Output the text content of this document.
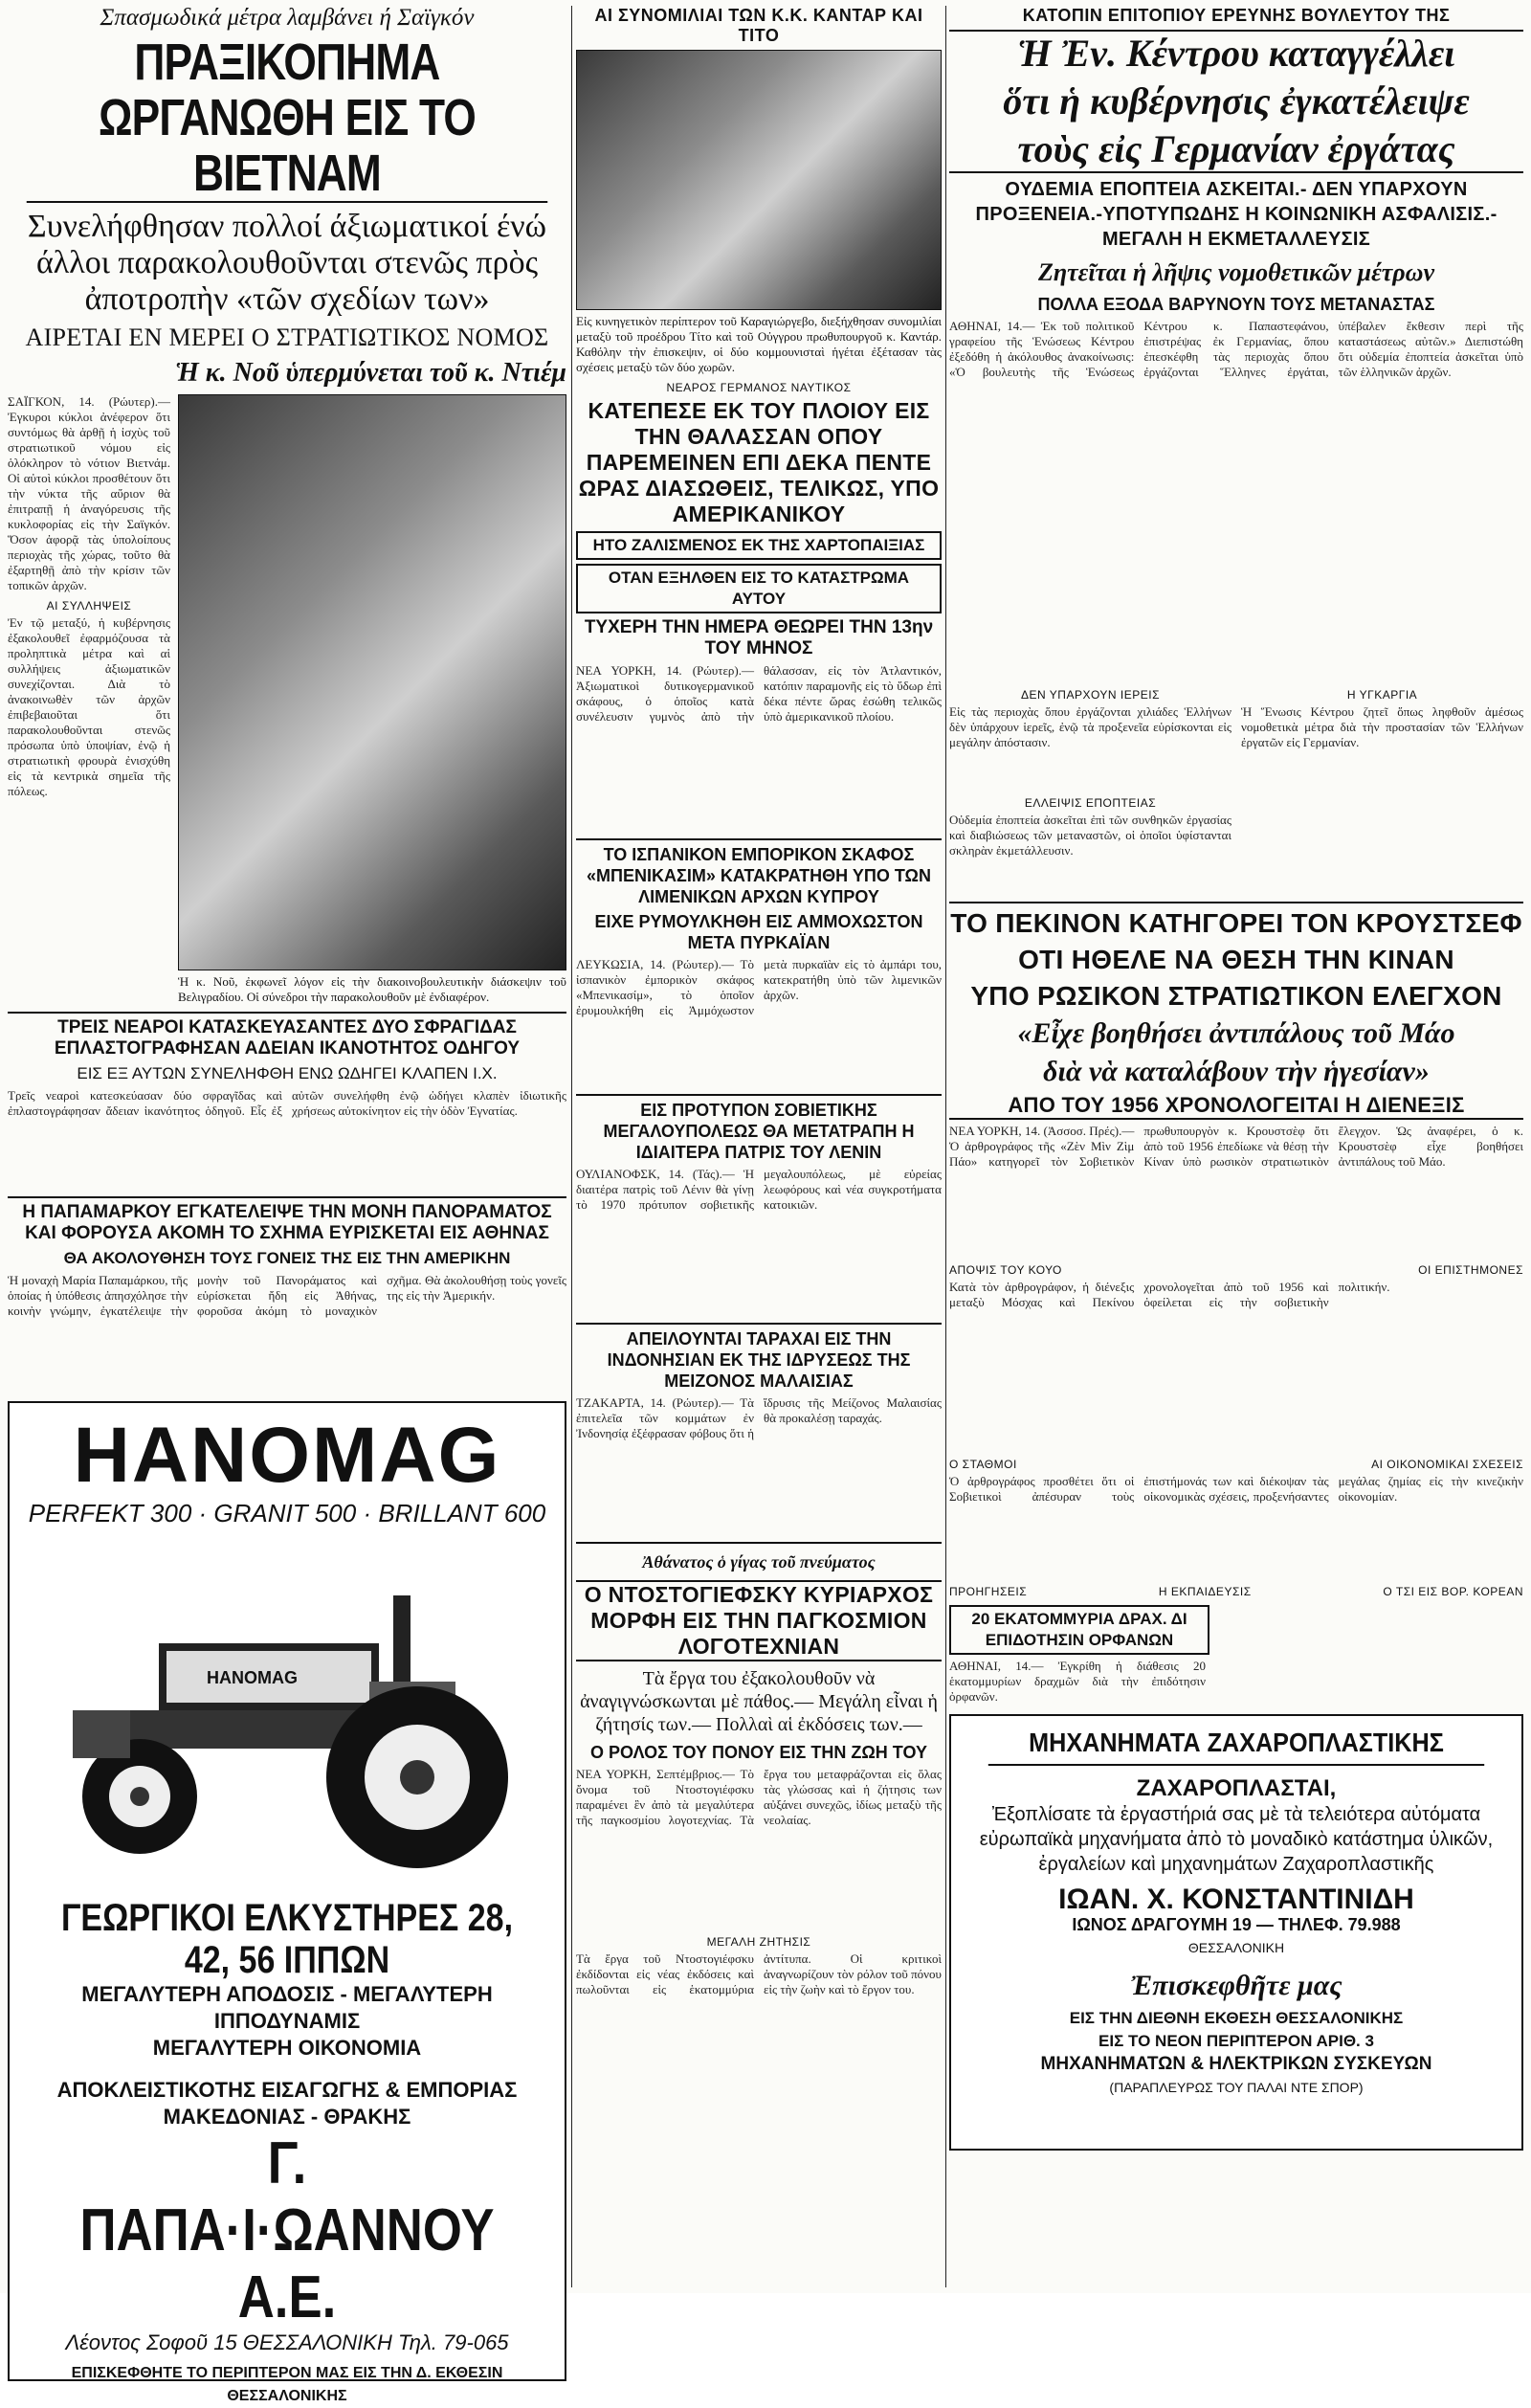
Σπασμωδικά μέτρα λαμβάνει ή Σαϊγκόν
ΠΡΑΞΙΚΟΠΗΜΑ ΩΡΓΑΝΩΘΗ ΕΙΣ ΤΟ ΒΙΕΤΝΑΜ
Συνελήφθησαν πολλοί άξιωματικοί ένώ άλλοι παρακολουθοῦνται στενῶς πρὸς ἀποτροπὴν «τῶν σχεδίων των»
ΑΙΡΕΤΑΙ ΕΝ ΜΕΡΕΙ Ο ΣΤΡΑΤΙΩΤΙΚΟΣ ΝΟΜΟΣ
Ἡ κ. Νοῦ ὑπερμύνεται τοῦ κ. Ντιέμ
ΣΑΪΓΚΟΝ, 14. (Ρώυτερ).— Ἐγκυροι κύκλοι ἀνέφερον ὅτι συντόμως θὰ ἀρθῇ ἡ ἰσχὺς τοῦ στρατιωτικοῦ νόμου εἰς ὁλόκληρον τὸ νότιον Βιετνάμ. Οἱ αὐτοὶ κύκλοι προσθέτουν ὅτι τὴν νύκτα τῆς αὔριον θὰ ἐπιτραπῇ ἡ ἀναγόρευσις τῆς κυκλοφορίας εἰς τὴν Σαϊγκόν. Ὅσον ἀφορᾷ τὰς ὑπολοίπους περιοχὰς τῆς χώρας, τοῦτο θὰ ἐξαρτηθῇ ἀπὸ τὴν κρίσιν τῶν τοπικῶν ἀρχῶν.
ΑΙ ΣΥΛΛΗΨΕΙΣ
Ἐν τῷ μεταξύ, ἡ κυβέρνησις ἐξακολουθεῖ ἐφαρμόζουσα τὰ προληπτικὰ μέτρα καὶ αἱ συλλήψεις ἀξιωματικῶν συνεχίζονται. Διὰ τὸ ἀνακοινωθὲν τῶν ἀρχῶν ἐπιβεβαιοῦται ὅτι παρακολουθοῦνται στενῶς πρόσωπα ὑπὸ ὑποψίαν, ἐνῷ ἡ στρατιωτικὴ φρουρὰ ἐνισχύθη εἰς τὰ κεντρικὰ σημεῖα τῆς πόλεως.
Ἡ κ. Νοῦ, ἐκφωνεῖ λόγον εἰς τὴν διακοινοβουλευτικὴν διάσκεψιν τοῦ Βελιγραδίου. Οἱ σύνεδροι τὴν παρακολουθοῦν μὲ ἐνδιαφέρον.
ΤΡΕΙΣ ΝΕΑΡΟΙ ΚΑΤΑΣΚΕΥΑΣΑΝΤΕΣ ΔΥΟ ΣΦΡΑΓΙΔΑΣ ΕΠΛΑΣΤΟΓΡΑΦΗΣΑΝ ΑΔΕΙΑΝ ΙΚΑΝΟΤΗΤΟΣ ΟΔΗΓΟΥ
ΕΙΣ ΕΞ ΑΥΤΩΝ ΣΥΝΕΛΗΦΘΗ ΕΝΩ ΩΔΗΓΕΙ ΚΛΑΠΕΝ Ι.Χ.
Τρεῖς νεαροὶ κατεσκεύασαν δύο σφραγῖδας καὶ ἐπλαστογράφησαν ἄδειαν ἱκανότητος ὁδηγοῦ. Εἷς ἐξ αὐτῶν συνελήφθη ἐνῷ ὡδήγει κλαπὲν ἰδιωτικῆς χρήσεως αὐτοκίνητον εἰς τὴν ὁδὸν Ἐγνατίας.
Η ΠΑΠΑΜΑΡΚΟΥ ΕΓΚΑΤΕΛΕΙΨΕ ΤΗΝ ΜΟΝΗ ΠΑΝΟΡΑΜΑΤΟΣ ΚΑΙ ΦΟΡΟΥΣΑ ΑΚΟΜΗ ΤΟ ΣΧΗΜΑ ΕΥΡΙΣΚΕΤΑΙ ΕΙΣ ΑΘΗΝΑΣ
ΘΑ ΑΚΟΛΟΥΘΗΣΗ ΤΟΥΣ ΓΟΝΕΙΣ ΤΗΣ ΕΙΣ ΤΗΝ ΑΜΕΡΙΚΗΝ
Ἡ μοναχὴ Μαρία Παπαμάρκου, τῆς ὁποίας ἡ ὑπόθεσις ἀπησχόλησε τὴν κοινὴν γνώμην, ἐγκατέλειψε τὴν μονὴν τοῦ Πανοράματος καὶ εὑρίσκεται ἤδη εἰς Ἀθήνας, φοροῦσα ἀκόμη τὸ μοναχικὸν σχῆμα. Θὰ ἀκολουθήσῃ τοὺς γονεῖς της εἰς τὴν Ἀμερικήν.
HANOMAG
PERFEKT 300 · GRANIT 500 · BRILLANT 600
HANOMAG
ΓΕΩΡΓΙΚΟΙ ΕΛΚΥΣΤΗΡΕΣ 28, 42, 56 ΙΠΠΩΝ
ΜΕΓΑΛΥΤΕΡΗ ΑΠΟΔΟΣΙΣ - ΜΕΓΑΛΥΤΕΡΗ ΙΠΠΟΔΥΝΑΜΙΣ
ΜΕΓΑΛΥΤΕΡΗ ΟΙΚΟΝΟΜΙΑ
ΑΠΟΚΛΕΙΣΤΙΚΟΤΗΣ ΕΙΣΑΓΩΓΗΣ & ΕΜΠΟΡΙΑΣ
ΜΑΚΕΔΟΝΙΑΣ - ΘΡΑΚΗΣ
Γ. ΠΑΠΑ·Ι·ΩΑΝΝΟΥ Α.Ε.
Λέοντος Σοφοῦ 15 ΘΕΣΣΑΛΟΝΙΚΗ Τηλ. 79-065
ΕΠΙΣΚΕΦΘΗΤΕ ΤΟ ΠΕΡΙΠΤΕΡΟΝ ΜΑΣ ΕΙΣ ΤΗΝ Δ. ΕΚΘΕΣΙΝ ΘΕΣΣΑΛΟΝΙΚΗΣ
ΑΙ ΣΥΝΟΜΙΛΙΑΙ ΤΩΝ Κ.Κ. ΚΑΝΤΑΡ ΚΑΙ ΤΙΤΟ
Εἰς κυνηγετικὸν περίπτερον τοῦ Καραγιώργεβο, διεξήχθησαν συνομιλίαι μεταξὺ τοῦ προέδρου Τίτο καὶ τοῦ Οὐγγρου πρωθυπουργοῦ κ. Καντάρ. Καθόλην τὴν ἐπισκεψιν, οἱ δύο κομμουνισταὶ ἡγέται ἐξέτασαν τὰς σχέσεις μεταξὺ τῶν δύο χωρῶν.
ΝΕΑΡΟΣ ΓΕΡΜΑΝΟΣ ΝΑΥΤΙΚΟΣ
ΚΑΤΕΠΕΣΕ ΕΚ ΤΟΥ ΠΛΟΙΟΥ ΕΙΣ ΤΗΝ ΘΑΛΑΣΣΑΝ ΟΠΟΥ ΠΑΡΕΜΕΙΝΕΝ ΕΠΙ ΔΕΚΑ ΠΕΝΤΕ ΩΡΑΣ ΔΙΑΣΩΘΕΙΣ, ΤΕΛΙΚΩΣ, ΥΠΟ ΑΜΕΡΙΚΑΝΙΚΟΥ
ΗΤΟ ΖΑΛΙΣΜΕΝΟΣ ΕΚ ΤΗΣ ΧΑΡΤΟΠΑΙΞΙΑΣ
ΟΤΑΝ ΕΞΗΛΘΕΝ ΕΙΣ ΤΟ ΚΑΤΑΣΤΡΩΜΑ ΑΥΤΟΥ
ΤΥΧΕΡΗ ΤΗΝ ΗΜΕΡΑ ΘΕΩΡΕΙ ΤΗΝ 13ην ΤΟΥ ΜΗΝΟΣ
ΝΕΑ ΥΟΡΚΗ, 14. (Ρώυτερ).— Ἀξιωματικοὶ δυτικογερμανικοῦ σκάφους, ὁ ὁποῖος κατὰ συνέλευσιν γυμνὸς ἀπὸ τὴν θάλασσαν, εἰς τὸν Ἀτλαντικόν, κατόπιν παραμονῆς εἰς τὸ ὕδωρ ἐπὶ δέκα πέντε ὥρας ἐσώθη τελικῶς ὑπὸ ἀμερικανικοῦ πλοίου.
ΤΟ ΙΣΠΑΝΙΚΟΝ ΕΜΠΟΡΙΚΟΝ ΣΚΑΦΟΣ «ΜΠΕΝΙΚΑΣΙΜ» ΚΑΤΑΚΡΑΤΗΘΗ ΥΠΟ ΤΩΝ ΛΙΜΕΝΙΚΩΝ ΑΡΧΩΝ ΚΥΠΡΟΥ
ΕΙΧΕ ΡΥΜΟΥΛΚΗΘΗ ΕΙΣ ΑΜΜΟΧΩΣΤΟΝ ΜΕΤΑ ΠΥΡΚΑΪΑΝ
ΛΕΥΚΩΣΙΑ, 14. (Ρώυτερ).— Τὸ ἰσπανικὸν ἐμπορικὸν σκάφος «Μπενικασίμ», τὸ ὁποῖον ἐρυμουλκήθη εἰς Ἀμμόχωστον μετὰ πυρκαϊὰν εἰς τὸ ἀμπάρι του, κατεκρατήθη ὑπὸ τῶν λιμενικῶν ἀρχῶν.
ΕΙΣ ΠΡΟΤΥΠΟΝ ΣΟΒΙΕΤΙΚΗΣ ΜΕΓΑΛΟΥΠΟΛΕΩΣ ΘΑ ΜΕΤΑΤΡΑΠΗ Η ΙΔΙΑΙΤΕΡΑ ΠΑΤΡΙΣ ΤΟΥ ΛΕΝΙΝ
ΟΥΛΙΑΝΟΦΣΚ, 14. (Τάς).— Ἡ διαιτέρα πατρὶς τοῦ Λένιν θὰ γίνῃ τὸ 1970 πρότυπον σοβιετικῆς μεγαλουπόλεως, μὲ εὐρείας λεωφόρους καὶ νέα συγκροτήματα κατοικιῶν.
ΑΠΕΙΛΟΥΝΤΑΙ ΤΑΡΑΧΑΙ ΕΙΣ ΤΗΝ ΙΝΔΟΝΗΣΙΑΝ ΕΚ ΤΗΣ ΙΔΡΥΣΕΩΣ ΤΗΣ ΜΕΙΖΟΝΟΣ ΜΑΛΑΙΣΙΑΣ
ΤΖΑΚΑΡΤΑ, 14. (Ρώυτερ).— Τὰ ἐπιτελεῖα τῶν κομμάτων ἐν Ἰνδονησίᾳ ἐξέφρασαν φόβους ὅτι ἡ ἵδρυσις τῆς Μείζονος Μαλαισίας θὰ προκαλέσῃ ταραχάς.
Ἀθάνατος ὁ γίγας τοῦ πνεύματος
Ο ΝΤΟΣΤΟΓΙΕΦΣΚΥ ΚΥΡΙΑΡΧΟΣ ΜΟΡΦΗ ΕΙΣ ΤΗΝ ΠΑΓΚΟΣΜΙΟΝ ΛΟΓΟΤΕΧΝΙΑΝ
Τὰ ἔργα του ἐξακολουθοῦν νὰ ἀναγιγνώσκωνται μὲ πάθος.— Μεγάλη εἶναι ἡ ζήτησίς των.— Πολλαὶ αἱ ἐκδόσεις των.—
Ο ΡΟΛΟΣ ΤΟΥ ΠΟΝΟΥ ΕΙΣ ΤΗΝ ΖΩΗ ΤΟΥ
ΝΕΑ ΥΟΡΚΗ, Σεπτέμβριος.— Τὸ ὄνομα τοῦ Ντοστογιέφσκυ παραμένει ἓν ἀπὸ τὰ μεγαλύτερα τῆς παγκοσμίου λογοτεχνίας. Τὰ ἔργα του μεταφράζονται εἰς ὅλας τὰς γλώσσας καὶ ἡ ζήτησις των αὐξάνει συνεχῶς, ἰδίως μεταξὺ τῆς νεολαίας.
ΜΕΓΑΛΗ ΖΗΤΗΣΙΣ
Τὰ ἔργα τοῦ Ντοστογιέφσκυ ἐκδίδονται εἰς νέας ἐκδόσεις καὶ πωλοῦνται εἰς ἑκατομμύρια ἀντίτυπα. Οἱ κριτικοὶ ἀναγνωρίζουν τὸν ρόλον τοῦ πόνου εἰς τὴν ζωὴν καὶ τὸ ἔργον του.
ΚΑΤΟΠΙΝ ΕΠΙΤΟΠΙΟΥ ΕΡΕΥΝΗΣ ΒΟΥΛΕΥΤΟΥ ΤΗΣ
Ἡ Ἐν. Κέντρου καταγγέλλει
ὅτι ἡ κυβέρνησις ἐγκατέλειψε
τοὺς εἰς Γερμανίαν ἐργάτας
ΟΥΔΕΜΙΑ ΕΠΟΠΤΕΙΑ ΑΣΚΕΙΤΑΙ.- ΔΕΝ ΥΠΑΡΧΟΥΝ ΠΡΟΞΕΝΕΙΑ.-ΥΠΟΤΥΠΩΔΗΣ Η ΚΟΙΝΩΝΙΚΗ ΑΣΦΑΛΙΣΙΣ.- ΜΕΓΑΛΗ Η ΕΚΜΕΤΑΛΛΕΥΣΙΣ
Ζητεῖται ἡ λῆψις νομοθετικῶν μέτρων
ΠΟΛΛΑ ΕΞΟΔΑ ΒΑΡΥΝΟΥΝ ΤΟΥΣ ΜΕΤΑΝΑΣΤΑΣ
ΑΘΗΝΑΙ, 14.— Ἐκ τοῦ πολιτικοῦ γραφείου τῆς Ἑνώσεως Κέντρου ἐξεδόθη ἡ ἀκόλουθος ἀνακοίνωσις: «Ὁ βουλευτὴς τῆς Ἑνώσεως Κέντρου κ. Παπαστεφάνου, ἐπιστρέψας ἐκ Γερμανίας, ὅπου ἐπεσκέφθη τὰς περιοχὰς ὅπου ἐργάζονται Ἕλληνες ἐργάται, ὑπέβαλεν ἔκθεσιν περὶ τῆς καταστάσεως αὐτῶν.» Διεπιστώθη ὅτι οὐδεμία ἐποπτεία ἀσκεῖται ὑπὸ τῶν ἑλληνικῶν ἀρχῶν.
ΔΕΝ ΥΠΑΡΧΟΥΝ ΙΕΡΕΙΣ
Εἰς τὰς περιοχὰς ὅπου ἐργάζονται χιλιάδες Ἑλλήνων δὲν ὑπάρχουν ἱερεῖς, ἐνῷ τὰ προξενεῖα εὑρίσκονται εἰς μεγάλην ἀπόστασιν.
ΕΛΛΕΙΨΙΣ ΕΠΟΠΤΕΙΑΣ
Οὐδεμία ἐποπτεία ἀσκεῖται ἐπὶ τῶν συνθηκῶν ἐργασίας καὶ διαβιώσεως τῶν μεταναστῶν, οἱ ὁποῖοι ὑφίστανται σκληρὰν ἐκμετάλλευσιν.
Η ΥΓΚΑΡΓΙΑ
Ἡ Ἕνωσις Κέντρου ζητεῖ ὅπως ληφθοῦν ἀμέσως νομοθετικὰ μέτρα διὰ τὴν προστασίαν τῶν Ἑλλήνων ἐργατῶν εἰς Γερμανίαν.
ΤΟ ΠΕΚΙΝΟΝ ΚΑΤΗΓΟΡΕΙ ΤΟΝ ΚΡΟΥΣΤΣΕΦ
ΟΤΙ ΗΘΕΛΕ ΝΑ ΘΕΣΗ ΤΗΝ ΚΙΝΑΝ
ΥΠΟ ΡΩΣΙΚΟΝ ΣΤΡΑΤΙΩΤΙΚΟΝ ΕΛΕΓΧΟΝ
«Εἶχε βοηθήσει ἀντιπάλους τοῦ Μάο
διὰ νὰ καταλάβουν τὴν ἡγεσίαν»
ΑΠΟ ΤΟΥ 1956 ΧΡΟΝΟΛΟΓΕΙΤΑΙ Η ΔΙΕΝΕΞΙΣ
ΝΕΑ ΥΟΡΚΗ, 14. (Ἀσσοσ. Πρές).— Ὁ ἀρθρογράφος τῆς «Ζὲν Μὶν Ζὶμ Πάο» κατηγορεῖ τὸν Σοβιετικὸν πρωθυπουργὸν κ. Κρουστσὲφ ὅτι ἀπὸ τοῦ 1956 ἐπεδίωκε νὰ θέσῃ τὴν Κίναν ὑπὸ ρωσικὸν στρατιωτικὸν ἔλεγχον. Ὡς ἀναφέρει, ὁ κ. Κρουστσὲφ εἶχε βοηθήσει ἀντιπάλους τοῦ Μάο.
ΑΠΟΨΙΣ ΤΟΥ ΚΟΥΟ	ΟΙ ΕΠΙΣΤΗΜΟΝΕΣ
Κατὰ τὸν ἀρθρογράφον, ἡ διένεξις μεταξὺ Μόσχας καὶ Πεκίνου χρονολογεῖται ἀπὸ τοῦ 1956 καὶ ὀφείλεται εἰς τὴν σοβιετικὴν πολιτικήν.
Ο ΣΤΑΘΜΟΙ	ΑΙ ΟΙΚΟΝΟΜΙΚΑΙ ΣΧΕΣΕΙΣ
Ὁ ἀρθρογράφος προσθέτει ὅτι οἱ Σοβιετικοὶ ἀπέσυραν τοὺς ἐπιστήμονάς των καὶ διέκοψαν τὰς οἰκονομικὰς σχέσεις, προξενήσαντες μεγάλας ζημίας εἰς τὴν κινεζικὴν οἰκονομίαν.
ΠΡΟΗΓΗΣΕΙΣ	Η ΕΚΠΑΙΔΕΥΣΙΣ	Ο ΤΣΙ ΕΙΣ ΒΟΡ. ΚΟΡΕΑΝ
20 ΕΚΑΤΟΜΜΥΡΙΑ ΔΡΑΧ. ΔΙ ΕΠΙΔΟΤΗΣΙΝ ΟΡΦΑΝΩΝ
ΑΘΗΝΑΙ, 14.— Ἐγκρίθη ἡ διάθεσις 20 ἑκατομμυρίων δραχμῶν διὰ τὴν ἐπιδότησιν ὀρφανῶν.
ΜΗΧΑΝΗΜΑΤΑ ΖΑΧΑΡΟΠΛΑΣΤΙΚΗΣ
ΖΑΧΑΡΟΠΛΑΣΤΑΙ,
Ἐξοπλίσατε τὰ ἐργαστήριά σας μὲ τὰ τελειότερα αὐτόματα εὐρωπαϊκὰ μηχανήματα ἀπὸ τὸ μοναδικὸ κατάστημα ὑλικῶν, ἐργαλείων καὶ μηχανημάτων Ζαχαροπλαστικῆς
ΙΩΑΝ. Χ. ΚΟΝΣΤΑΝΤΙΝΙΔΗ
ΙΩΝΟΣ ΔΡΑΓΟΥΜΗ 19 — ΤΗΛΕΦ. 79.988
ΘΕΣΣΑΛΟΝΙΚΗ
Ἐπισκεφθῆτε μας
ΕΙΣ ΤΗΝ ΔΙΕΘΝΗ ΕΚΘΕΣΗ ΘΕΣΣΑΛΟΝΙΚΗΣ
ΕΙΣ ΤΟ ΝΕΟΝ ΠΕΡΙΠΤΕΡΟΝ ΑΡΙΘ. 3
ΜΗΧΑΝΗΜΑΤΩΝ & ΗΛΕΚΤΡΙΚΩΝ ΣΥΣΚΕΥΩΝ
(ΠΑΡΑΠΛΕΥΡΩΣ ΤΟΥ ΠΑΛΑΙ ΝΤΕ ΣΠΟΡ)
